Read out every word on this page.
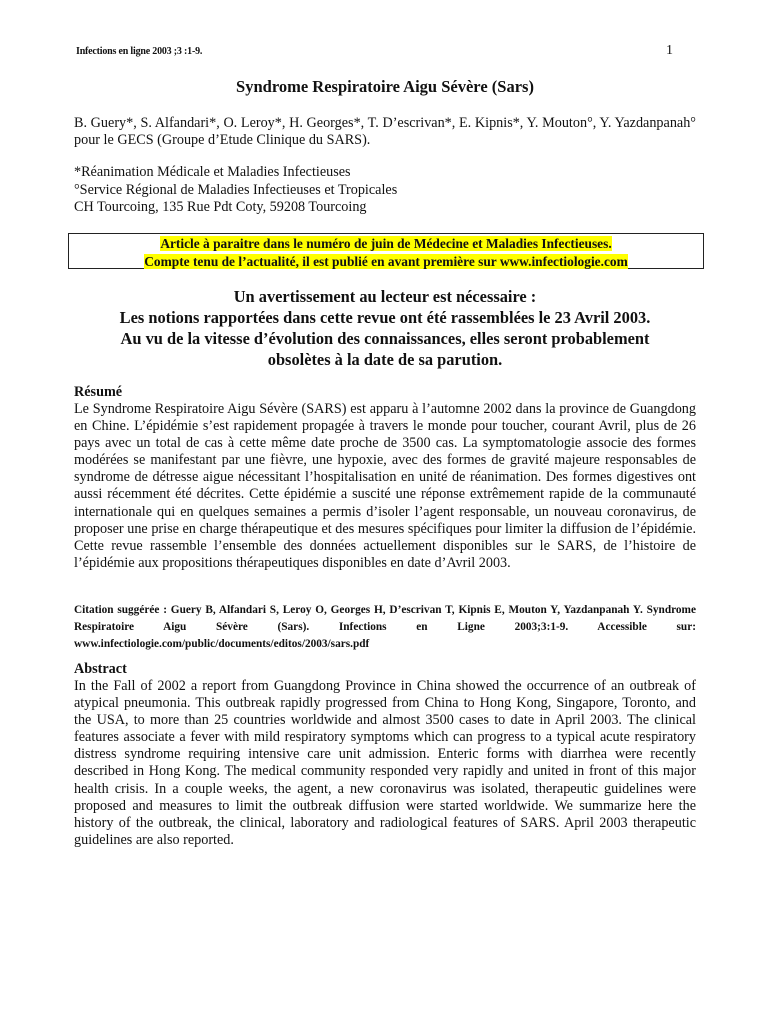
Infections en ligne 2003 ;3 :1-9.	1
Syndrome Respiratoire Aigu Sévère (Sars)
B. Guery*, S. Alfandari*, O. Leroy*, H. Georges*, T. D’escrivan*, E. Kipnis*, Y. Mouton°, Y. Yazdanpanah° pour le GECS (Groupe d’Etude Clinique du SARS).
*Réanimation Médicale et Maladies Infectieuses
°Service Régional de Maladies Infectieuses et Tropicales
CH Tourcoing, 135 Rue Pdt Coty, 59208 Tourcoing
Article à paraitre dans le numéro de juin de Médecine et Maladies Infectieuses.
Compte tenu de l’actualité, il est publié en avant première sur www.infectiologie.com
Un avertissement au lecteur est nécessaire :
Les notions rapportées dans cette revue ont été rassemblées le 23 Avril 2003.
Au vu de la vitesse d’évolution des connaissances, elles seront probablement
obsolètes à la date de sa parution.
Résumé
Le Syndrome Respiratoire Aigu Sévère (SARS) est apparu à l’automne 2002 dans la province de Guangdong en Chine. L’épidémie s’est rapidement propagée à travers le monde pour toucher, courant Avril, plus de 26 pays avec un total de cas à cette même date proche de 3500 cas. La symptomatologie associe des formes modérées se manifestant par une fièvre, une hypoxie, avec des formes de gravité majeure responsables de syndrome de détresse aigue nécessitant l’hospitalisation en unité de réanimation. Des formes digestives ont aussi récemment été décrites. Cette épidémie a suscité une réponse extrêmement rapide de la communauté internationale qui en quelques semaines a permis d’isoler l’agent responsable, un nouveau coronavirus, de proposer une prise en charge thérapeutique et des mesures spécifiques pour limiter la diffusion de l’épidémie. Cette revue rassemble l’ensemble des données actuellement disponibles sur le SARS, de l’histoire de l’épidémie aux propositions thérapeutiques disponibles en date d’Avril 2003.
Citation suggérée : Guery B, Alfandari S, Leroy O, Georges H, D’escrivan T, Kipnis E, Mouton Y, Yazdanpanah Y. Syndrome Respiratoire Aigu Sévère (Sars). Infections en Ligne 2003;3:1-9. Accessible sur: www.infectiologie.com/public/documents/editos/2003/sars.pdf
Abstract
In the Fall of 2002 a report from Guangdong Province in China showed the occurrence of an outbreak of atypical pneumonia. This outbreak rapidly progressed from China to Hong Kong, Singapore, Toronto, and the USA, to more than 25 countries worldwide and almost 3500 cases to date in April 2003. The clinical features associate a fever with mild respiratory symptoms which can progress to a typical acute respiratory distress syndrome requiring intensive care unit admission. Enteric forms with diarrhea were recently described in Hong Kong. The medical community responded very rapidly and united in front of this major health crisis. In a couple weeks, the agent, a new coronavirus was isolated, therapeutic guidelines were proposed and measures to limit the outbreak diffusion were started worldwide. We summarize here the history of the outbreak, the clinical, laboratory and radiological features of SARS. April 2003 therapeutic guidelines are also reported.
